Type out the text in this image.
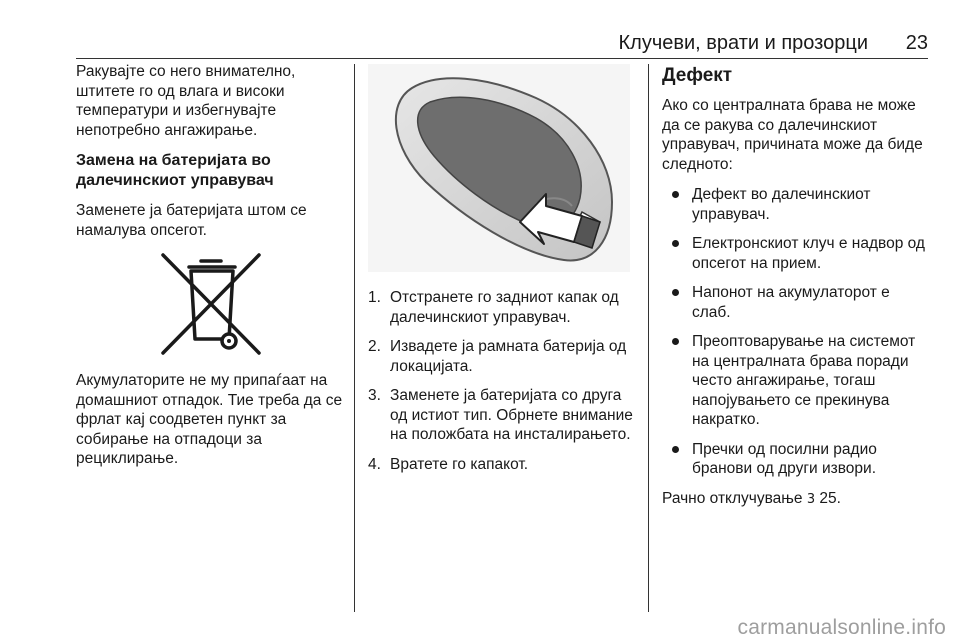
Клучеви, врати и прозорци 23

Ракувајте со него внимателно, штитете го од влага и високи температури и избегнувајте непотребно ангажирање.

Замена на батеријата во далечинскиот управувач

Заменете ја батеријата штом се намалува опсегот.

Акумулаторите не му припаѓаат на домашниот отпадок. Тие треба да се фрлат кај соодветен пункт за собирање на отпадоци за рециклирање.

1. Отстранете го задниот капак од далечинскиот управувач.
2. Извадете ја рамната батерија од локацијата.
3. Заменете ја батеријата со друга од истиот тип. Обрнете внимание на положбата на инсталирањето.
4. Вратете го капакот.
Дефект

Ако со централната брава не може да се ракува со далечинскиот управувач, причината може да биде следното:

Дефект во далечинскиот управувач.
Електронскиот клуч е надвор од опсегот на прием.
Напонот на акумулаторот е слаб.
Преоптоварување на системот на централната брава поради често ангажирање, тогаш напојувањето се прекинува накратко.
Пречки од посилни радио бранови од други извори.

Рачно отклучување 3 25.

carmanualsonline.info
